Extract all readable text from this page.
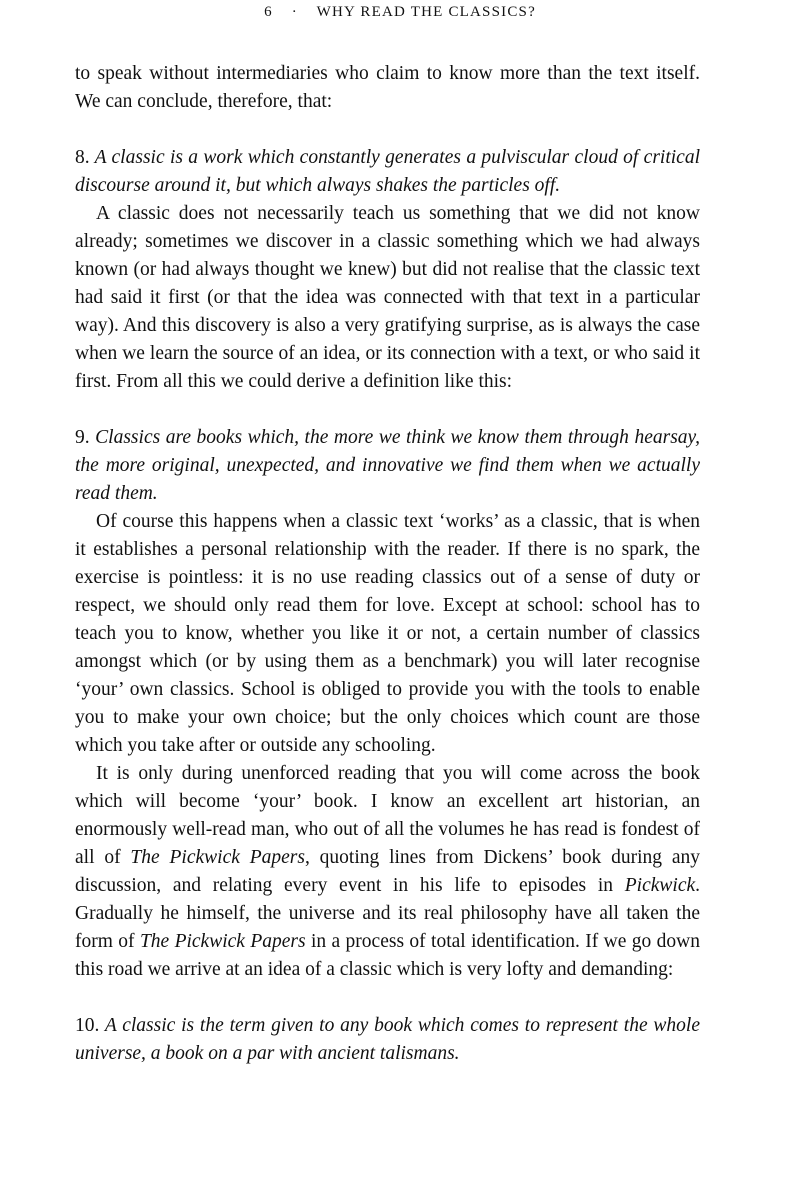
6 · WHY READ THE CLASSICS?

to speak without intermediaries who claim to know more than the text itself. We can conclude, therefore, that:

8. A classic is a work which constantly generates a pulviscular cloud of critical discourse around it, but which always shakes the particles off.

A classic does not necessarily teach us something that we did not know already; sometimes we discover in a classic something which we had always known (or had always thought we knew) but did not realise that the classic text had said it first (or that the idea was connected with that text in a particular way). And this discovery is also a very gratifying surprise, as is always the case when we learn the source of an idea, or its connection with a text, or who said it first. From all this we could derive a definition like this:

9. Classics are books which, the more we think we know them through hearsay, the more original, unexpected, and innovative we find them when we actually read them.

Of course this happens when a classic text ‘works’ as a classic, that is when it establishes a personal relationship with the reader. If there is no spark, the exercise is pointless: it is no use reading classics out of a sense of duty or respect, we should only read them for love. Except at school: school has to teach you to know, whether you like it or not, a certain number of classics amongst which (or by using them as a benchmark) you will later recognise ‘your’ own classics. School is obliged to provide you with the tools to enable you to make your own choice; but the only choices which count are those which you take after or outside any schooling.

It is only during unenforced reading that you will come across the book which will become ‘your’ book. I know an excellent art historian, an enormously well-read man, who out of all the volumes he has read is fondest of all of The Pickwick Papers, quoting lines from Dickens’ book during any discussion, and relating every event in his life to episodes in Pickwick. Gradually he himself, the universe and its real philosophy have all taken the form of The Pickwick Papers in a process of total identification. If we go down this road we arrive at an idea of a classic which is very lofty and demanding:

10. A classic is the term given to any book which comes to represent the whole universe, a book on a par with ancient talismans.
